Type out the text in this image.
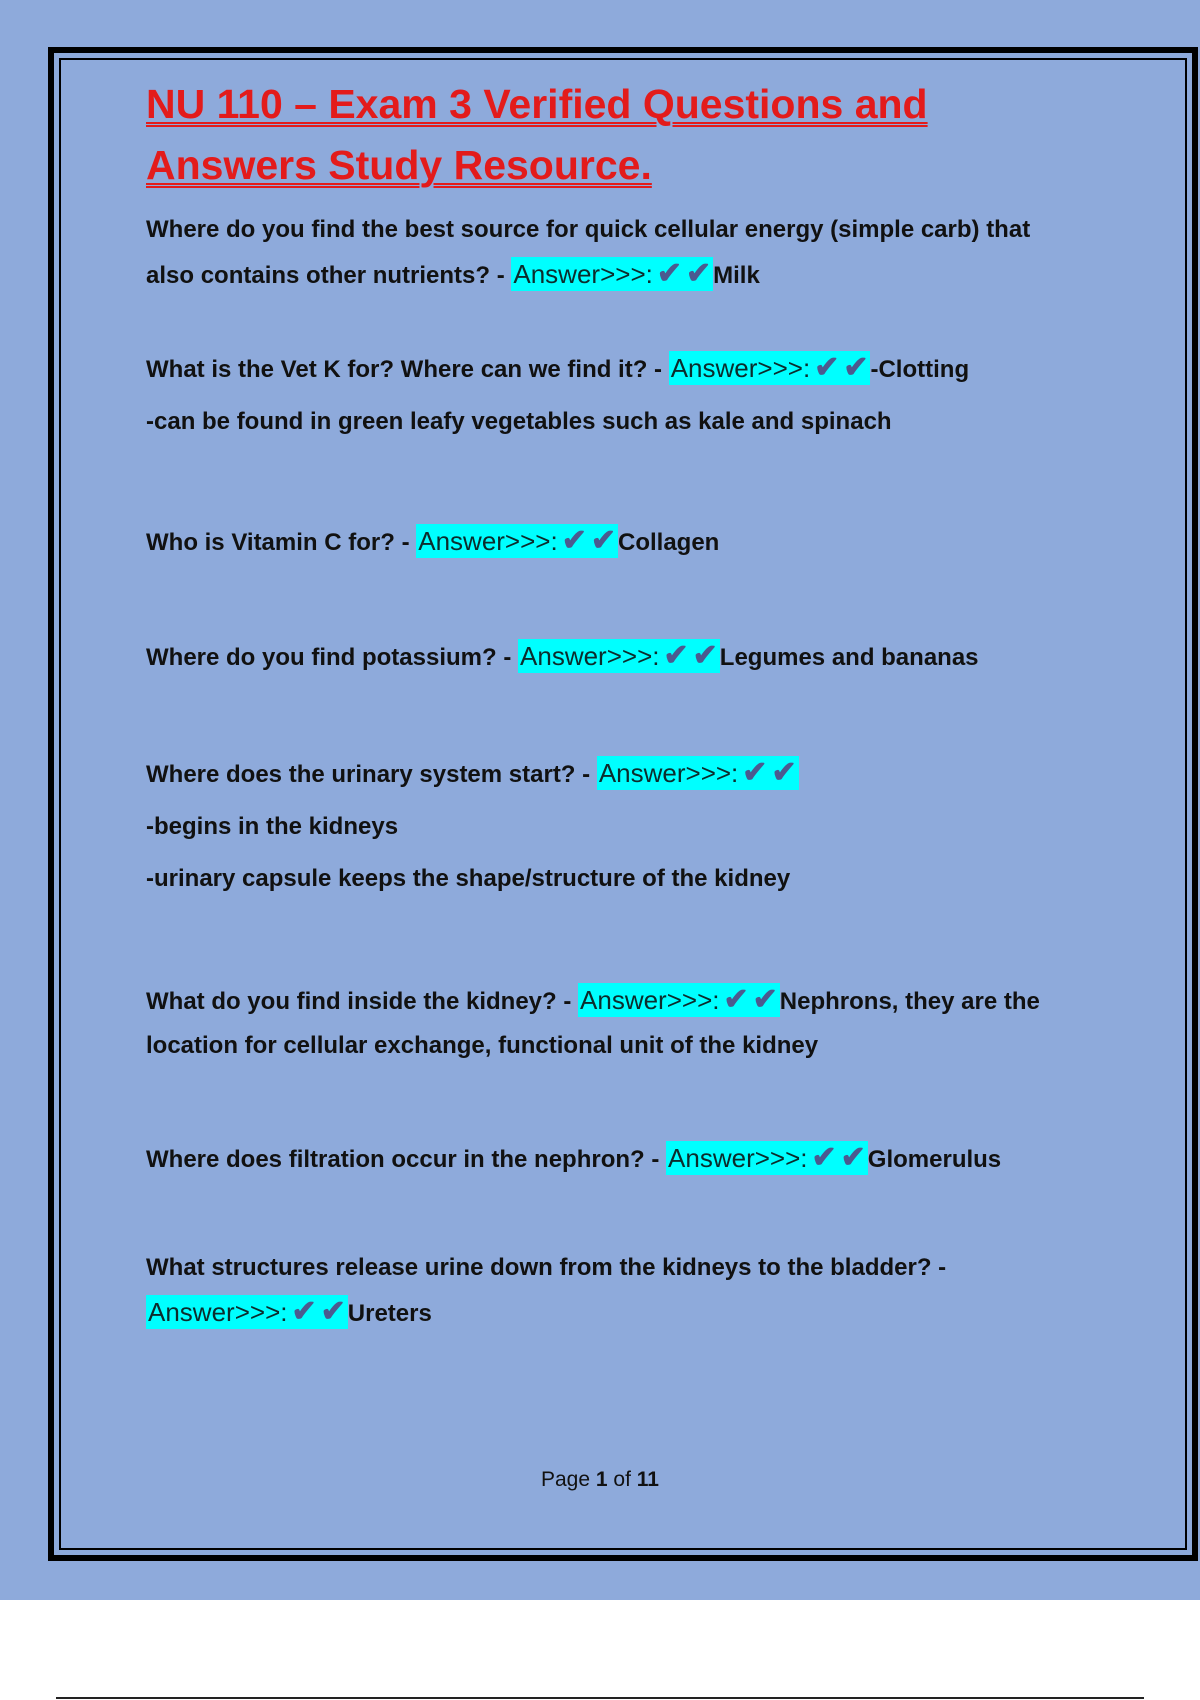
NU 110 – Exam 3 Verified Questions and Answers Study Resource.
Where do you find the best source for quick cellular energy (simple carb) that also contains other nutrients? - Answer>>>: ✔ ✔Milk
What is the Vet K for? Where can we find it? - Answer>>>: ✔ ✔-Clotting
-can be found in green leafy vegetables such as kale and spinach
Who is Vitamin C for? - Answer>>>: ✔ ✔Collagen
Where do you find potassium? - Answer>>>: ✔ ✔Legumes and bananas
Where does the urinary system start? - Answer>>>: ✔ ✔
-begins in the kidneys
-urinary capsule keeps the shape/structure of the kidney
What do you find inside the kidney? - Answer>>>: ✔ ✔Nephrons, they are the location for cellular exchange, functional unit of the kidney
Where does filtration occur in the nephron? - Answer>>>: ✔ ✔Glomerulus
What structures release urine down from the kidneys to the bladder? - Answer>>>: ✔ ✔Ureters
Page 1 of 11
